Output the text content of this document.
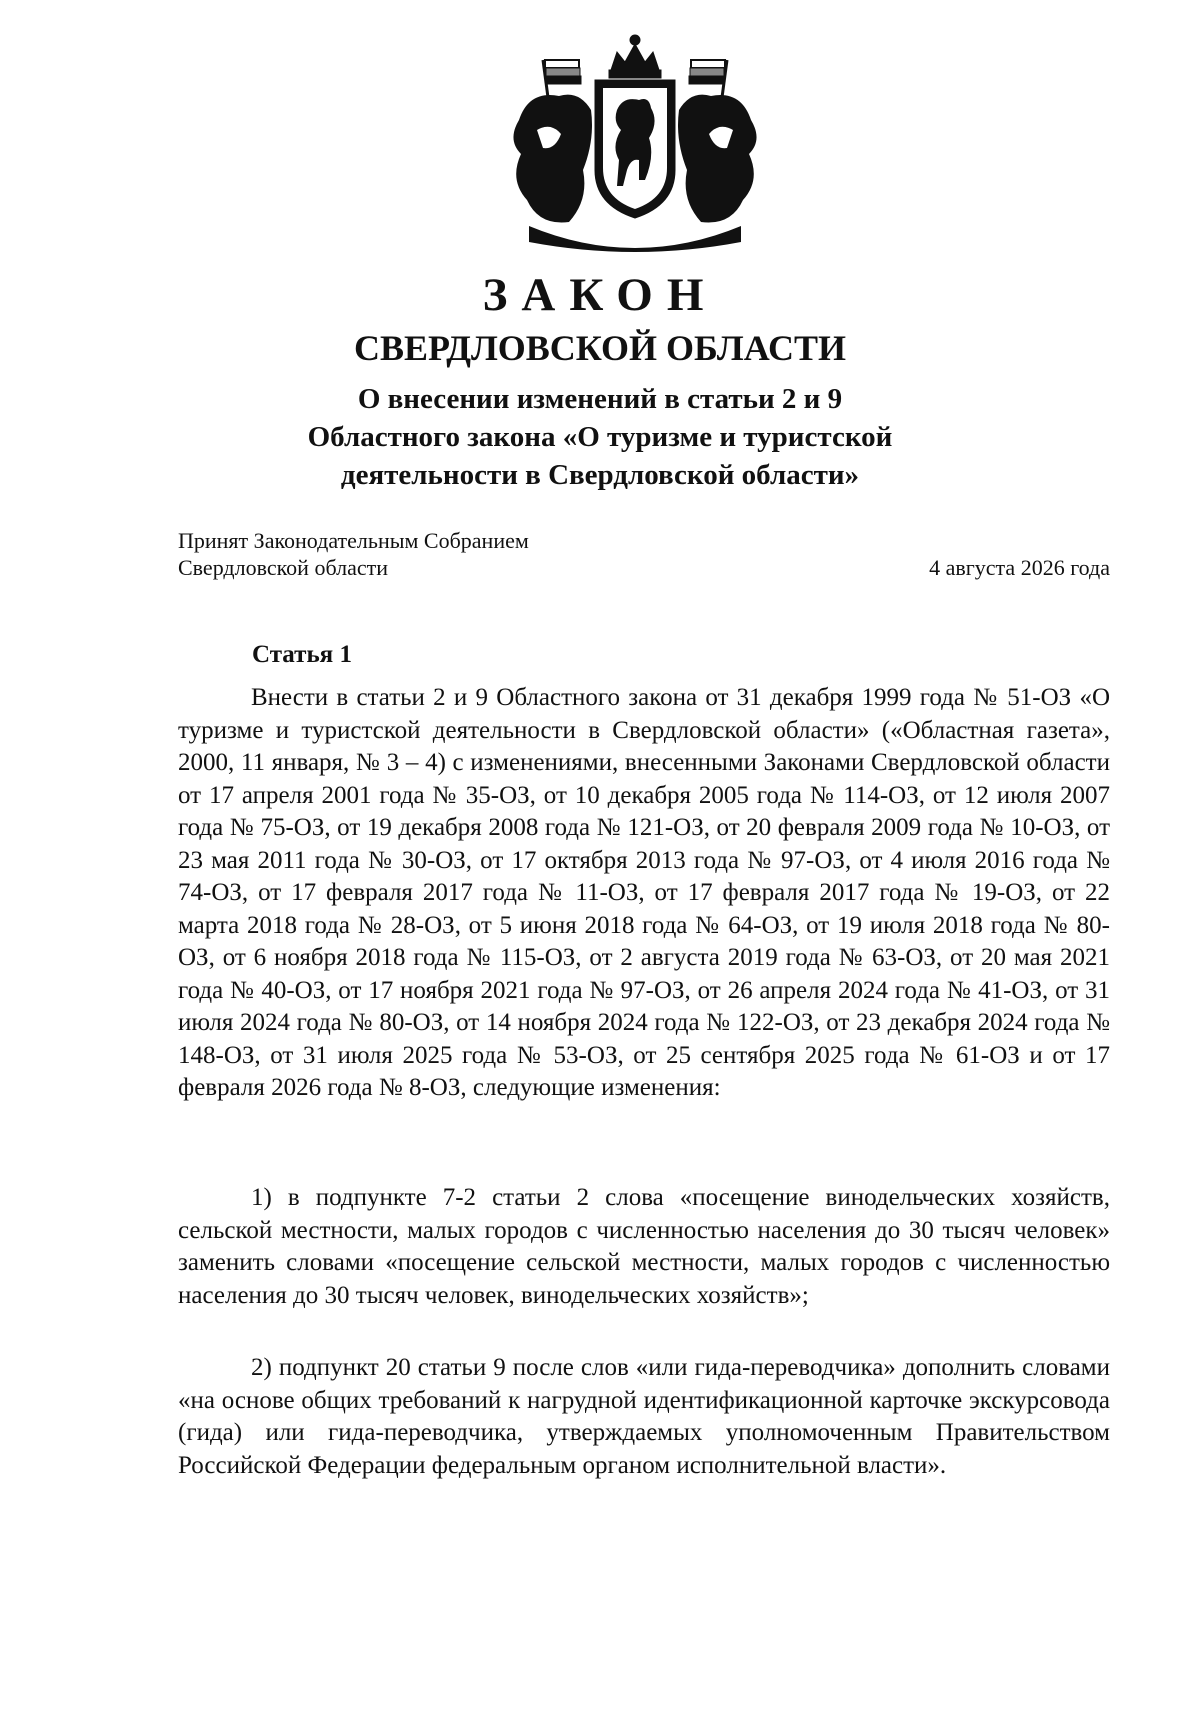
ЗАКОН
СВЕРДЛОВСКОЙ ОБЛАСТИ
О внесении изменений в статьи 2 и 9
Областного закона «О туризме и туристской
деятельности в Свердловской области»
Принят Законодательным Собранием
Свердловской области	4 августа 2026 года
Статья 1

Внести в статьи 2 и 9 Областного закона от 31 декабря 1999 года № 51-ОЗ «О туризме и туристской деятельности в Свердловской области» («Областная газета», 2000, 11 января, № 3 – 4) с изменениями, внесенными Законами Свердловской области от 17 апреля 2001 года № 35-ОЗ, от 10 декабря 2005 года № 114-ОЗ, от 12 июля 2007 года № 75-ОЗ, от 19 декабря 2008 года № 121-ОЗ, от 20 февраля 2009 года № 10-ОЗ, от 23 мая 2011 года № 30-ОЗ, от 17 октября 2013 года № 97-ОЗ, от 4 июля 2016 года № 74-ОЗ, от 17 февраля 2017 года № 11-ОЗ, от 17 февраля 2017 года № 19-ОЗ, от 22 марта 2018 года № 28-ОЗ, от 5 июня 2018 года № 64-ОЗ, от 19 июля 2018 года № 80-ОЗ, от 6 ноября 2018 года № 115-ОЗ, от 2 августа 2019 года № 63-ОЗ, от 20 мая 2021 года № 40-ОЗ, от 17 ноября 2021 года № 97-ОЗ, от 26 апреля 2024 года № 41-ОЗ, от 31 июля 2024 года № 80-ОЗ, от 14 ноября 2024 года № 122-ОЗ, от 23 декабря 2024 года № 148-ОЗ, от 31 июля 2025 года № 53-ОЗ, от 25 сентября 2025 года № 61-ОЗ и от 17 февраля 2026 года № 8-ОЗ, следующие изменения:

1) в подпункте 7-2 статьи 2 слова «посещение винодельческих хозяйств, сельской местности, малых городов с численностью населения до 30 тысяч человек» заменить словами «посещение сельской местности, малых городов с численностью населения до 30 тысяч человек, винодельческих хозяйств»;

2) подпункт 20 статьи 9 после слов «или гида-переводчика» дополнить словами «на основе общих требований к нагрудной идентификационной карточке экскурсовода (гида) или гида-переводчика, утверждаемых уполномоченным Правительством Российской Федерации федеральным органом исполнительной власти».
